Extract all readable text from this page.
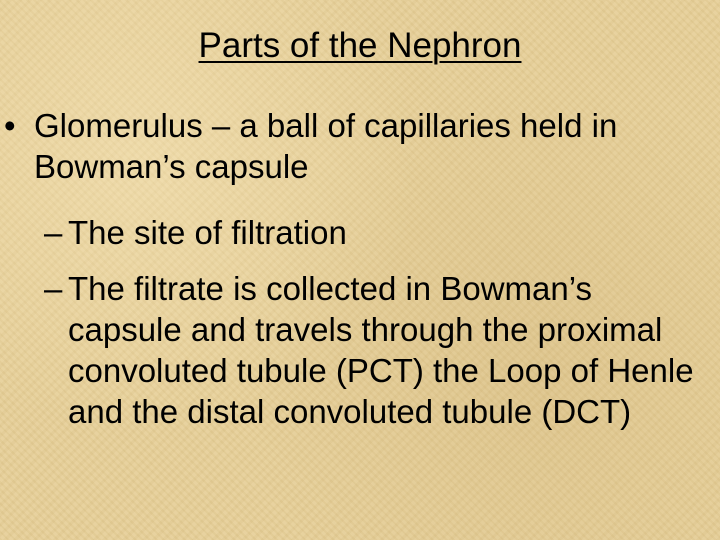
Parts of the Nephron
• Glomerulus – a ball of capillaries held in Bowman’s capsule
– The site of filtration
– The filtrate is collected in Bowman’s capsule and travels through the proximal convoluted tubule (PCT) the Loop of Henle and the distal convoluted tubule (DCT)
